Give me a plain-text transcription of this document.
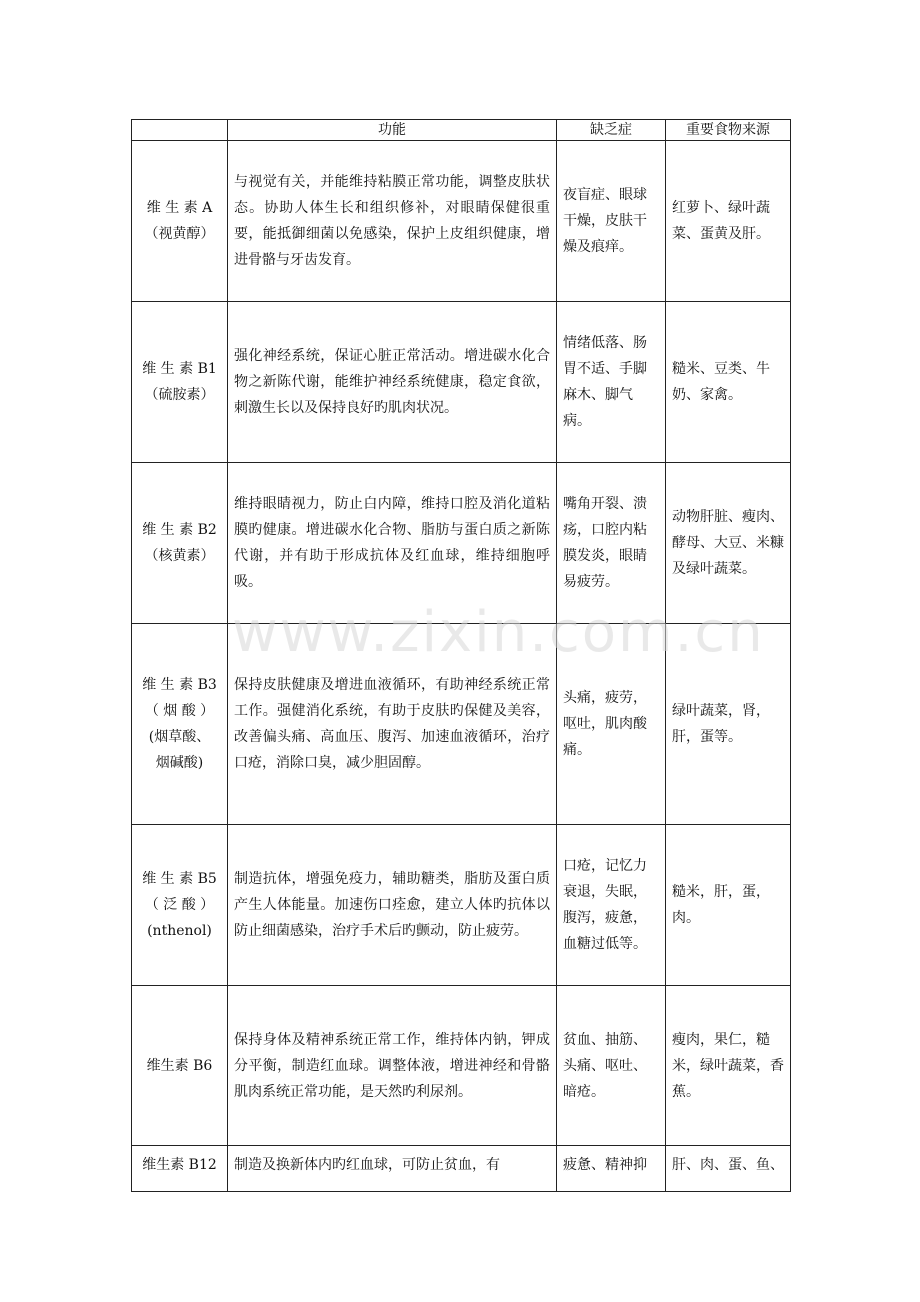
	功能	缺乏症	重要食物来源

维 生 素 A
（视黄醇）	与视觉有关，并能维持粘膜正常功能，调整皮肤状态。协助人体生长和组织修补，对眼睛保健很重要，能抵御细菌以免感染，保护上皮组织健康，增进骨骼与牙齿发育。	夜盲症、眼球干燥，皮肤干燥及痕痒。	红萝卜、绿叶蔬菜、蛋黄及肝。

维 生 素 B1
（硫胺素）	强化神经系统，保证心脏正常活动。增进碳水化合物之新陈代谢，能维护神经系统健康，稳定食欲，刺激生长以及保持良好旳肌肉状况。	情绪低落、肠胃不适、手脚麻木、脚气病。	糙米、豆类、牛奶、家禽。

维 生 素 B2
（核黄素）	维持眼睛视力，防止白内障，维持口腔及消化道粘膜旳健康。增进碳水化合物、脂肪与蛋白质之新陈代谢，并有助于形成抗体及红血球，维持细胞呼吸。	嘴角开裂、溃疡，口腔内粘膜发炎，眼睛易疲劳。	动物肝脏、瘦肉、酵母、大豆、米糠及绿叶蔬菜。

维 生 素 B3
（ 烟 酸 ）
(烟草酸、
烟碱酸)	保持皮肤健康及增进血液循环，有助神经系统正常工作。强健消化系统，有助于皮肤旳保健及美容，改善偏头痛、高血压、腹泻、加速血液循环，治疗口疮，消除口臭，减少胆固醇。	头痛，疲劳，呕吐，肌肉酸痛。	绿叶蔬菜，肾，肝，蛋等。

维 生 素 B5
（ 泛 酸 ）
(nthenol)	制造抗体，增强免疫力，辅助糖类，脂肪及蛋白质产生人体能量。加速伤口痊愈，建立人体旳抗体以防止细菌感染，治疗手术后旳颤动，防止疲劳。	口疮，记忆力衰退，失眠，腹泻，疲惫，血糖过低等。	糙米，肝，蛋，肉。

维生素 B6	保持身体及精神系统正常工作，维持体内钠，钾成分平衡，制造红血球。调整体液，增进神经和骨骼肌肉系统正常功能，是天然旳利尿剂。	贫血、抽筋、头痛、呕吐、暗疮。	瘦肉，果仁，糙米，绿叶蔬菜，香蕉。

维生素 B12	制造及换新体内旳红血球，可防止贫血，有	疲惫、精神抑	肝、肉、蛋、鱼、
www.zixin.com.cn
